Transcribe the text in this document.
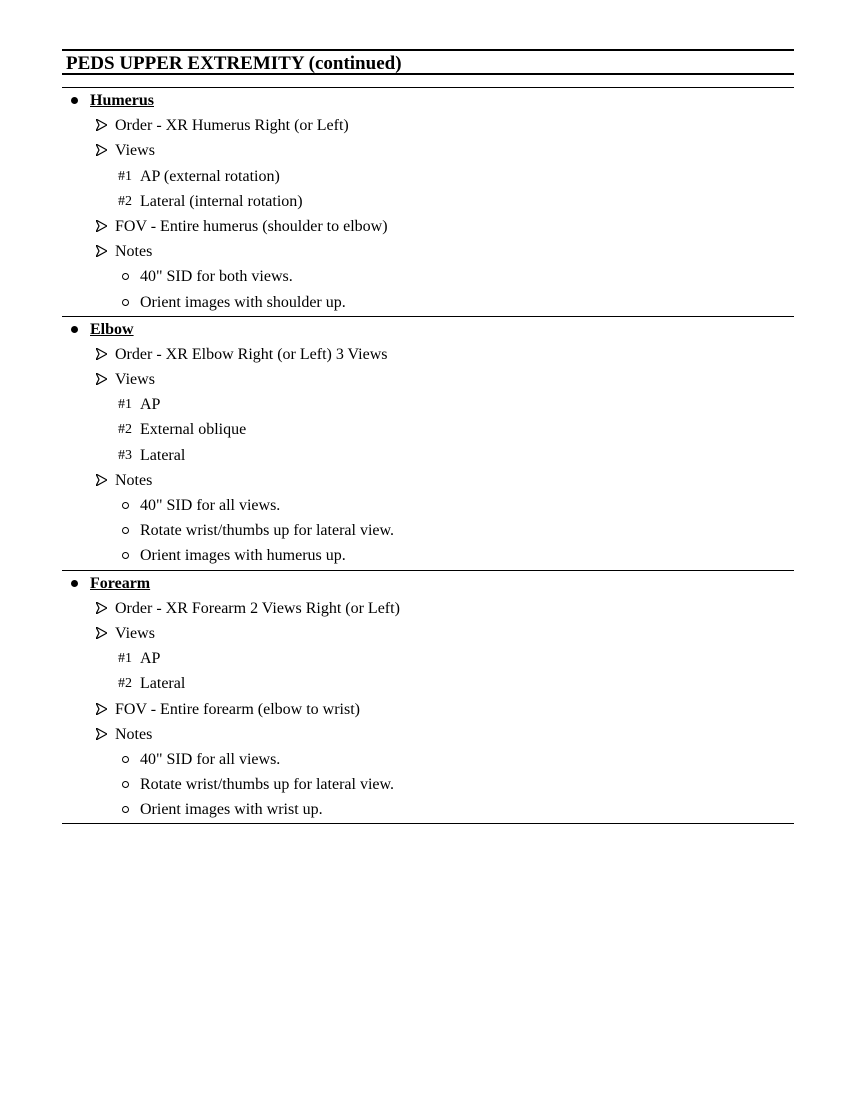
PEDS UPPER EXTREMITY (continued)
Humerus
Order - XR Humerus Right (or Left)
Views
#1 AP (external rotation)
#2 Lateral (internal rotation)
FOV - Entire humerus (shoulder to elbow)
Notes
40" SID for both views.
Orient images with shoulder up.
Elbow
Order - XR Elbow Right (or Left) 3 Views
Views
#1 AP
#2 External oblique
#3 Lateral
Notes
40" SID for all views.
Rotate wrist/thumbs up for lateral view.
Orient images with humerus up.
Forearm
Order - XR Forearm 2 Views Right (or Left)
Views
#1 AP
#2 Lateral
FOV - Entire forearm (elbow to wrist)
Notes
40" SID for all views.
Rotate wrist/thumbs up for lateral view.
Orient images with wrist up.
